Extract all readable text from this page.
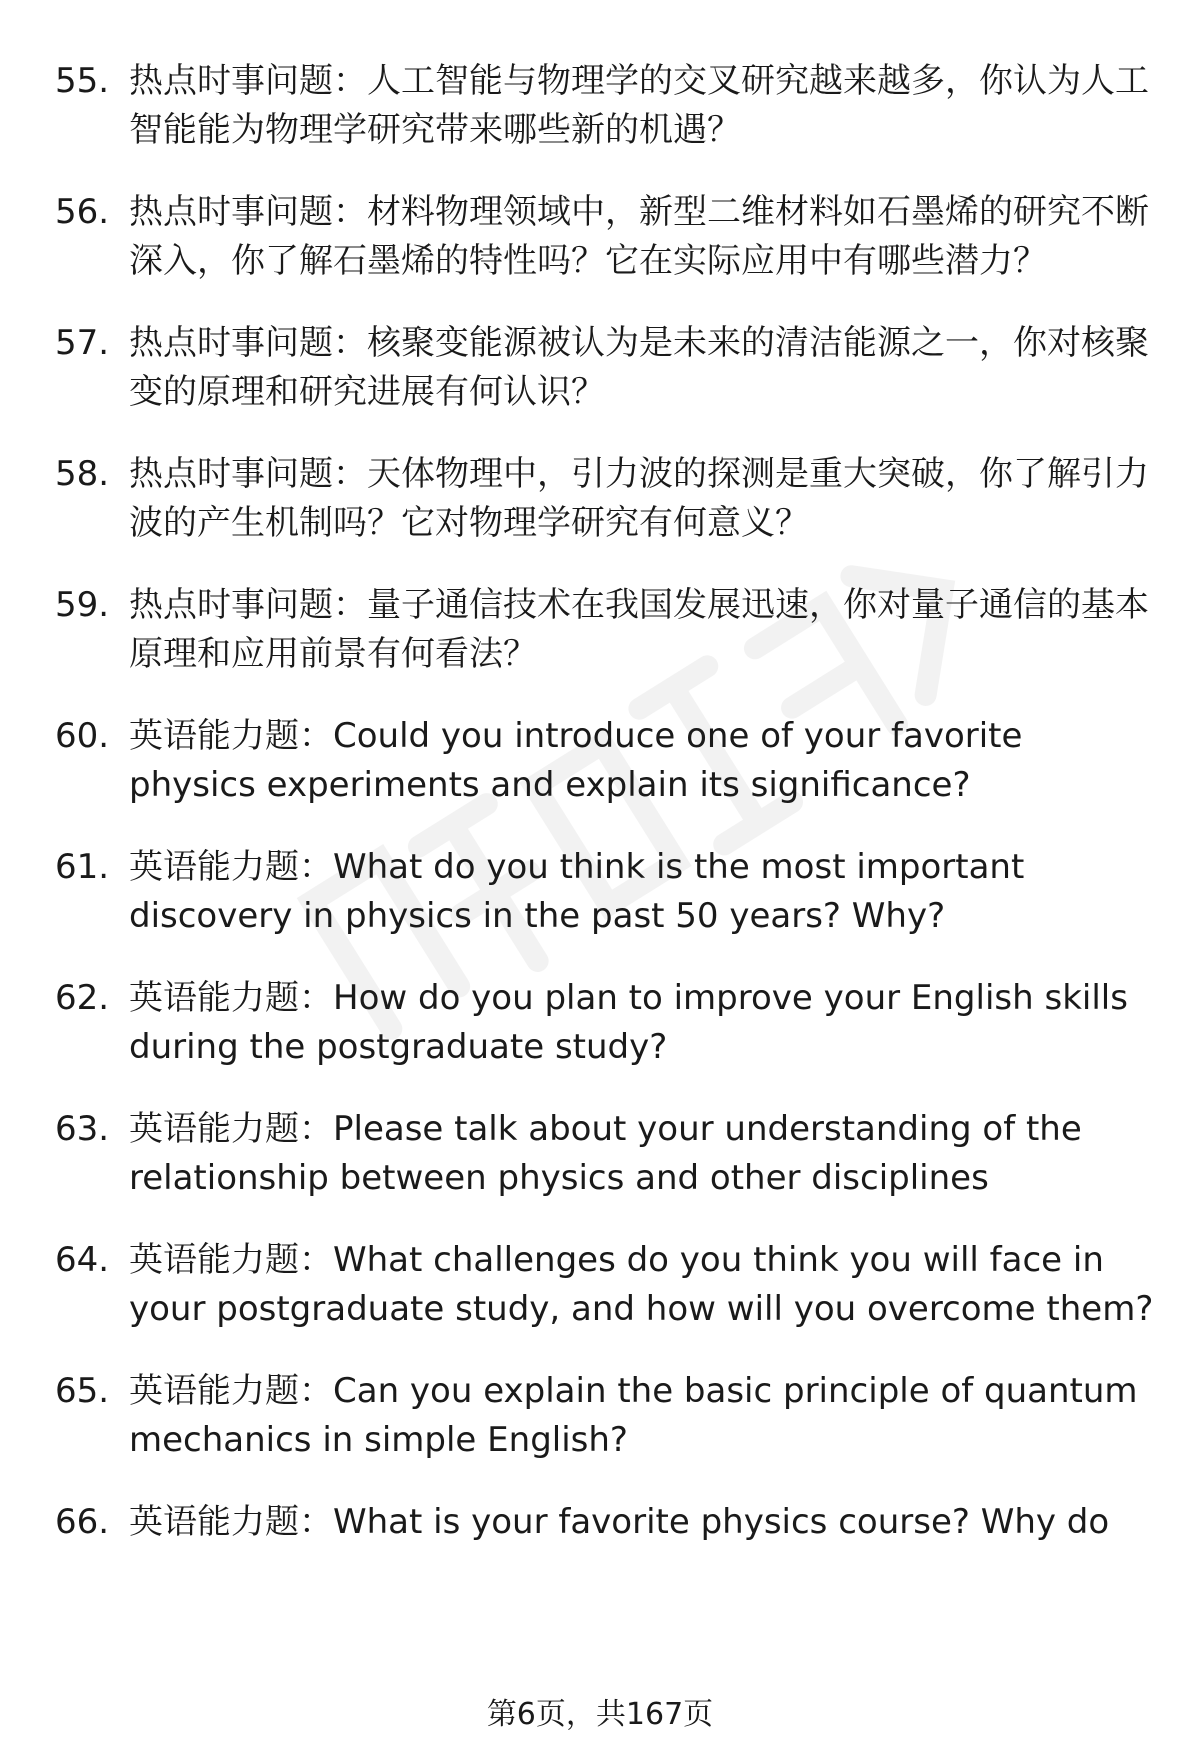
55. 热点时事问题：人工智能与物理学的交叉研究越来越多，你认为人工智能能为物理学研究带来哪些新的机遇？
56. 热点时事问题：材料物理领域中，新型二维材料如石墨烯的研究不断深入，你了解石墨烯的特性吗？它在实际应用中有哪些潜力？
57. 热点时事问题：核聚变能源被认为是未来的清洁能源之一，你对核聚变的原理和研究进展有何认识？
58. 热点时事问题：天体物理中，引力波的探测是重大突破，你了解引力波的产生机制吗？它对物理学研究有何意义？
59. 热点时事问题：量子通信技术在我国发展迅速，你对量子通信的基本原理和应用前景有何看法？
60. 英语能力题：Could you introduce one of your favorite physics experiments and explain its significance?
61. 英语能力题：What do you think is the most important discovery in physics in the past 50 years? Why?
62. 英语能力题：How do you plan to improve your English skills during the postgraduate study?
63. 英语能力题：Please talk about your understanding of the relationship between physics and other disciplines
64. 英语能力题：What challenges do you think you will face in your postgraduate study, and how will you overcome them?
65. 英语能力题：Can you explain the basic principle of quantum mechanics in simple English?
66. 英语能力题：What is your favorite physics course? Why do
第6页，共167页
